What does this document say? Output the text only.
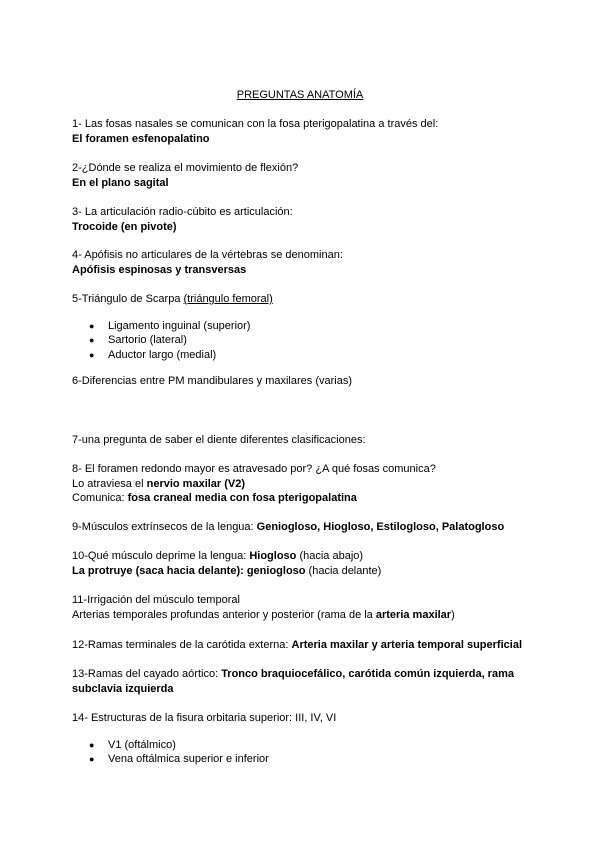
PREGUNTAS ANATOMÍA

1- Las fosas nasales se comunican con la fosa pterigopalatina a través del:

El foramen esfenopalatino

2-¿Dónde se realiza el movimiento de flexión?

En el plano sagital

3- La articulación radio-cúbito es articulación:

Trocoide (en pivote)

4- Apófisis no articulares de la vértebras se denominan:

Apófisis espinosas y transversas

5-Triángulo de Scarpa (triángulo femoral)

● Ligamento inguinal (superior)
● Sartorio (lateral)
● Aductor largo (medial)

6-Diferencias entre PM mandibulares y maxilares (varias)

7-una pregunta de saber el diente diferentes clasificaciones:

8- El foramen redondo mayor es atravesado por? ¿A qué fosas comunica?

Lo atraviesa el nervio maxilar (V2)

Comunica: fosa craneal media con fosa pterigopalatina

9-Músculos extrínsecos de la lengua: Geniogloso, Hiogloso, Estilogloso, Palatogloso

10-Qué músculo deprime la lengua: Hiogloso (hacia abajo)

La protruye (saca hacia delante): geniogloso (hacia delante)

11-Irrigación del músculo temporal

Arterias temporales profundas anterior y posterior (rama de la arteria maxilar)

12-Ramas terminales de la carótida externa: Arteria maxilar y arteria temporal superficial

13-Ramas del cayado aórtico: Tronco braquiocefálico, carótida común izquierda, rama subclavia izquierda

14- Estructuras de la fisura orbitaria superior: III, IV, VI

● V1 (oftálmico)
● Vena oftálmica superior e inferior
